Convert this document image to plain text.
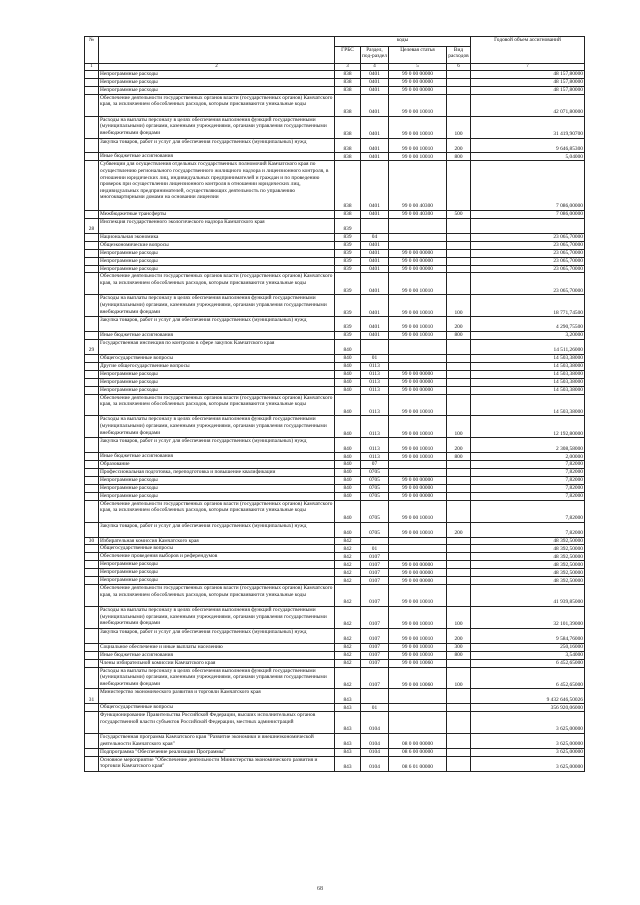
№		коды				Годовой объем ассигнований
		ГРБС	Раздел, под-раздел	Целевая статья	Вид расходов	
1	2	3	4	5	6	7
	Непрограммные расходы	838	0401	99 0 00 00000		48 157,80000
	Непрограммные расходы	838	0401	99 0 00 00000		48 157,80000
	Непрограммные расходы	838	0401	99 0 00 00000		48 157,80000
	Обеспечение деятельности государственных органов власти (государственных органов) Камчатского края, за исключением обособленных расходов, которым присваиваются уникальные коды	838	0401	99 0 00 10010		42 071,80000
	Расходы на выплаты персоналу в целях обеспечения выполнения функций государственными (муниципальными) органами, казенными учреждениями, органами управления государственными внебюджетными фондами	838	0401	99 0 00 10010	100	31 419,90700
	Закупка товаров, работ и услуг для обеспечения государственных (муниципальных) нужд	838	0401	99 0 00 10010	200	9 646,85300
	Иные бюджетные ассигнования	838	0401	99 0 00 10010	800	5,04000
	Субвенции для осуществления отдельных государственных полномочий Камчатского края по осуществлению регионального государственного жилищного надзора и лицензионного контроля, в отношении юридических лиц, индивидуальных предпринимателей и граждан и по проведению проверок при осуществлении лицензионного контроля в отношении юридических лиц, индивидуальных предпринимателей, осуществляющих деятельность по управлению многоквартирными домами на основании лицензии	838	0401	99 0 00 40300		7 086,00000
	Межбюджетные трансферты	838	0401	99 0 00 40300	500	7 086,00000
28	Инспекция государственного экологического надзора Камчатского края	839				
	Национальная экономика	839	04			23 065,70000
	Общеэкономические вопросы	839	0401			23 065,70000
	Непрограммные расходы	839	0401	99 0 00 00000		23 065,70000
	Непрограммные расходы	839	0401	99 0 00 00000		23 065,70000
	Непрограммные расходы	839	0401	99 0 00 00000		23 065,70000
	Обеспечение деятельности государственных органов власти (государственных органов) Камчатского края, за исключением обособленных расходов, которым присваиваются уникальные коды	839	0401	99 0 00 10010		23 065,70000
	Расходы на выплаты персоналу в целях обеспечения выполнения функций государственными (муниципальными) органами, казенными учреждениями, органами управления государственными внебюджетными фондами	839	0401	99 0 00 10010	100	18 771,74500
	Закупка товаров, работ и услуг для обеспечения государственных (муниципальных) нужд	839	0401	99 0 00 10010	200	4 290,75500
	Иные бюджетные ассигнования	839	0401	99 0 00 10010	800	3,20000
29	Государственная инспекция по контролю в сфере закупок Камчатского края	840				14 511,26000
	Общегосударственные вопросы	840	01			14 503,38000
	Другие общегосударственные вопросы	840	0113			14 503,38000
	Непрограммные расходы	840	0113	99 0 00 00000		14 503,38000
	Непрограммные расходы	840	0113	99 0 00 00000		14 503,38000
	Непрограммные расходы	840	0113	99 0 00 00000		14 503,38000
	Обеспечение деятельности государственных органов власти (государственных органов) Камчатского края, за исключением обособленных расходов, которым присваиваются уникальные коды	840	0113	99 0 00 10010		14 503,38000
	Расходы на выплаты персоналу в целях обеспечения выполнения функций государственными (муниципальными) органами, казенными учреждениями, органами управления государственными внебюджетными фондами	840	0113	99 0 00 10010	100	12 192,80000
	Закупка товаров, работ и услуг для обеспечения государственных (муниципальных) нужд	840	0113	99 0 00 10010	200	2 308,58000
	Иные бюджетные ассигнования	840	0113	99 0 00 10010	800	2,00000
	Образование	840	07			7,82000
	Профессиональная подготовка, переподготовка и повышение квалификации	840	0705			7,82000
	Непрограммные расходы	840	0705	99 0 00 00000		7,82000
	Непрограммные расходы	840	0705	99 0 00 00000		7,82000
	Непрограммные расходы	840	0705	99 0 00 00000		7,82000
	Обеспечение деятельности государственных органов власти (государственных органов) Камчатского края, за исключением обособленных расходов, которым присваиваются уникальные коды	840	0705	99 0 00 10010		7,82000
	Закупка товаров, работ и услуг для обеспечения государственных (муниципальных) нужд	840	0705	99 0 00 10010	200	7,82000
30	Избирательная комиссия Камчатского края	842				48 392,50000
	Общегосударственные вопросы	842	01			48 392,50000
	Обеспечение проведения выборов и референдумов	842	0107			48 392,50000
	Непрограммные расходы	842	0107	99 0 00 00000		48 392,50000
	Непрограммные расходы	842	0107	99 0 00 00000		48 392,50000
	Непрограммные расходы	842	0107	99 0 00 00000		48 392,50000
	Обеспечение деятельности государственных органов власти (государственных органов) Камчатского края, за исключением обособленных расходов, которым присваиваются уникальные коды	842	0107	99 0 00 10010		41 939,85000
	Расходы на выплаты персоналу в целях обеспечения выполнения функций государственными (муниципальными) органами, казенными учреждениями, органами управления государственными внебюджетными фондами	842	0107	99 0 00 10010	100	32 101,39000
	Закупка товаров, работ и услуг для обеспечения государственных (муниципальных) нужд	842	0107	99 0 00 10010	200	9 584,76000
	Социальное обеспечение и иные выплаты населению	842	0107	99 0 00 10010	300	250,16000
	Иные бюджетные ассигнования	842	0107	99 0 00 10010	800	3,54000
	Члены избирательной комиссии Камчатского края	842	0107	99 0 00 10060		6 452,65000
	Расходы на выплаты персоналу в целях обеспечения выполнения функций государственными (муниципальными) органами, казенными учреждениями, органами управления государственными внебюджетными фондами	842	0107	99 0 00 10060	100	6 452,65000
31	Министерство экономического развития и торговли Камчатского края	843				9 432 646,50026
	Общегосударственные вопросы	843	01			356 920,06000
	Функционирование Правительства Российской Федерации, высших исполнительных органов государственной власти субъектов Российской Федерации, местных администраций	843	0104			3 625,00000
	Государственная программа Камчатского края "Развитие экономики и внешнеэкономической деятельности Камчатского края"	843	0104	08 0 00 00000		3 625,00000
	Подпрограмма "Обеспечение реализации Программы"	843	0104	08 6 00 00000		3 625,00000
	Основное мероприятие "Обеспечение деятельности Министерства экономического развития и торговли Камчатского края"	843	0104	08 6 01 00000		3 625,00000
68
